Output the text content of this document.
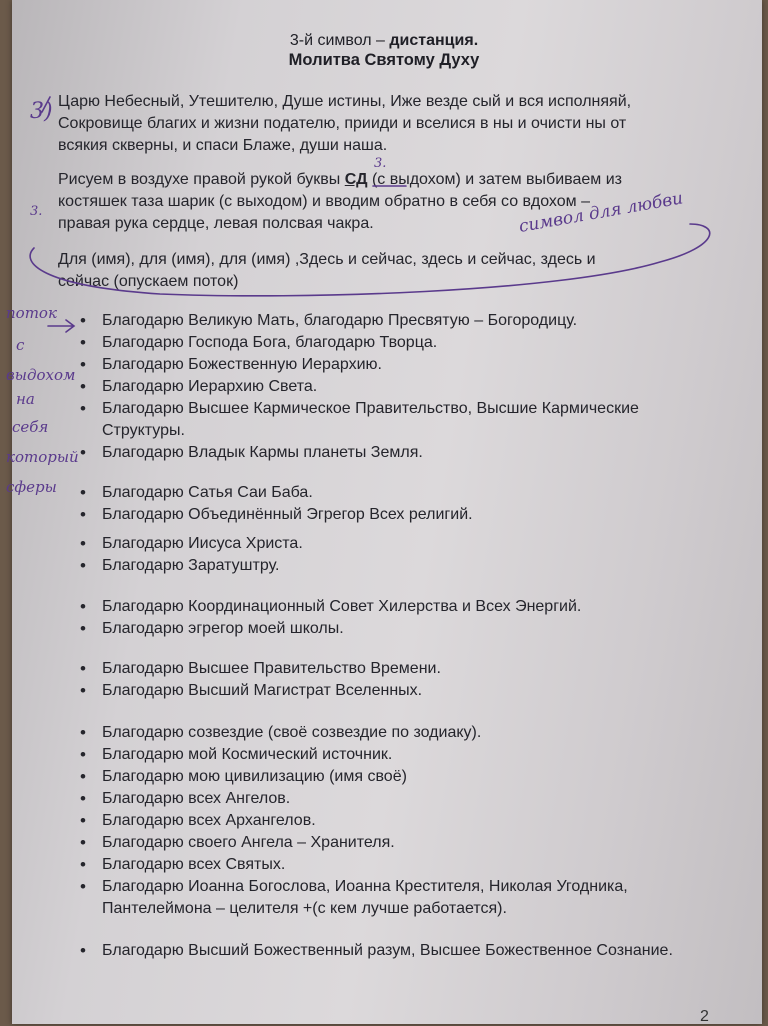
3-й символ – дистанция.
Молитва Святому Духу
Царю Небесный, Утешителю, Душе истины, Иже везде сый и вся исполняяй,
Сокровище благих и жизни подателю, прииди и вселися в ны и очисти ны от
всякия скверны, и спаси Блаже, души наша.
Рисуем в воздухе правой рукой буквы СД (с выдохом) и затем выбиваем из
костяшек таза шарик (с выходом) и вводим обратно в себя со вдохом –
правая рука сердце, левая полсвая чакра.
Для (имя), для (имя), для (имя) ,Здесь и сейчас, здесь и сейчас, здесь и
сейчас (опускаем поток)
• Благодарю Великую Мать, благодарю Пресвятую – Богородицу.
• Благодарю Господа Бога, благодарю Творца.
• Благодарю Божественную Иерархию.
• Благодарю Иерархию Света.
• Благодарю Высшее Кармическое Правительство, Высшие Кармические Структуры.
• Благодарю Владык Кармы планеты Земля.
• Благодарю Сатья Саи Баба.
• Благодарю Объединённый Эгрегор Всех религий.
• Благодарю Иисуса Христа.
• Благодарю Заратуштру.
• Благодарю Координационный Совет Хилерства и Всех Энергий.
• Благодарю эгрегор моей школы.
• Благодарю Высшее Правительство Времени.
• Благодарю Высший Магистрат Вселенных.
• Благодарю созвездие (своё созвездие по зодиаку).
• Благодарю мой Космический источник.
• Благодарю мою цивилизацию (имя своё)
• Благодарю всех Ангелов.
• Благодарю всех Архангелов.
• Благодарю своего Ангела – Хранителя.
• Благодарю всех Святых.
• Благодарю Иоанна Богослова, Иоанна Крестителя, Николая Угодника, Пантелеймона – целителя +(с кем лучше работается).
• Благодарю Высший Божественный разум, Высшее Божественное Сознание.
3)
3.
3.	символ для любви
поток
с
выдохом
на
себя
который
сферы
2
